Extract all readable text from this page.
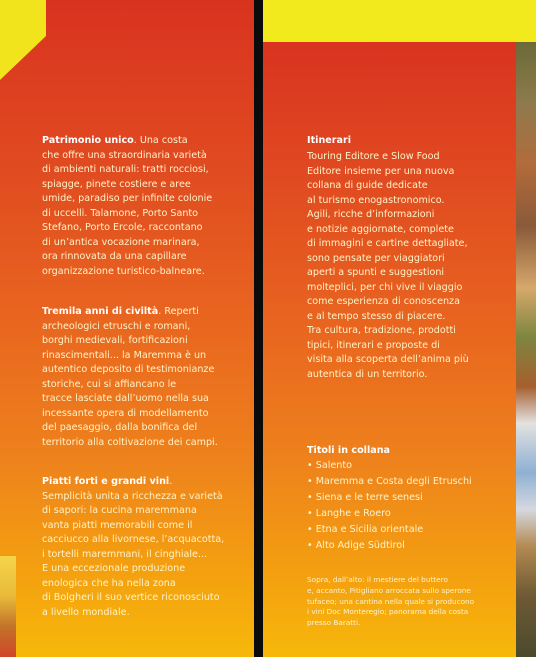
Patrimonio unico. Una costa
che offre una straordinaria varietà
di ambienti naturali: tratti rocciosi,
spiagge, pinete costiere e aree
umide, paradiso per infinite colonie
di uccelli. Talamone, Porto Santo
Stefano, Porto Ercole, raccontano
di un’antica vocazione marinara,
ora rinnovata da una capillare
organizzazione turistico-balneare.
Tremila anni di civiltà. Reperti
archeologici etruschi e romani,
borghi medievali, fortificazioni
rinascimentali... la Maremma è un
autentico deposito di testimonianze
storiche, cui si affiancano le
tracce lasciate dall’uomo nella sua
incessante opera di modellamento
del paesaggio, dalla bonifica del
territorio alla coltivazione dei campi.
Piatti forti e grandi vini.
Semplicità unita a ricchezza e varietà
di sapori: la cucina maremmana
vanta piatti memorabili come il
cacciucco alla livornese, l’acquacotta,
i tortelli maremmani, il cinghiale...
E una eccezionale produzione
enologica che ha nella zona
di Bolgheri il suo vertice riconosciuto
a livello mondiale.
Itinerari
Touring Editore e Slow Food
Editore insieme per una nuova
collana di guide dedicate
al turismo enogastronomico.
Agili, ricche d’informazioni
e notizie aggiornate, complete
di immagini e cartine dettagliate,
sono pensate per viaggiatori
aperti a spunti e suggestioni
molteplici, per chi vive il viaggio
come esperienza di conoscenza
e al tempo stesso di piacere.
Tra cultura, tradizione, prodotti
tipici, itinerari e proposte di
visita alla scoperta dell’anima più
autentica di un territorio.
Titoli in collana
• Salento
• Maremma e Costa degli Etruschi
• Siena e le terre senesi
• Langhe e Roero
• Etna e Sicilia orientale
• Alto Adige Südtirol
Sopra, dall’alto: il mestiere del buttero
e, accanto, Pitigliano arroccata sullo sperone
tufaceo; una cantina nella quale si producono
i vini Doc Monteregio; panorama della costa
presso Baratti.
